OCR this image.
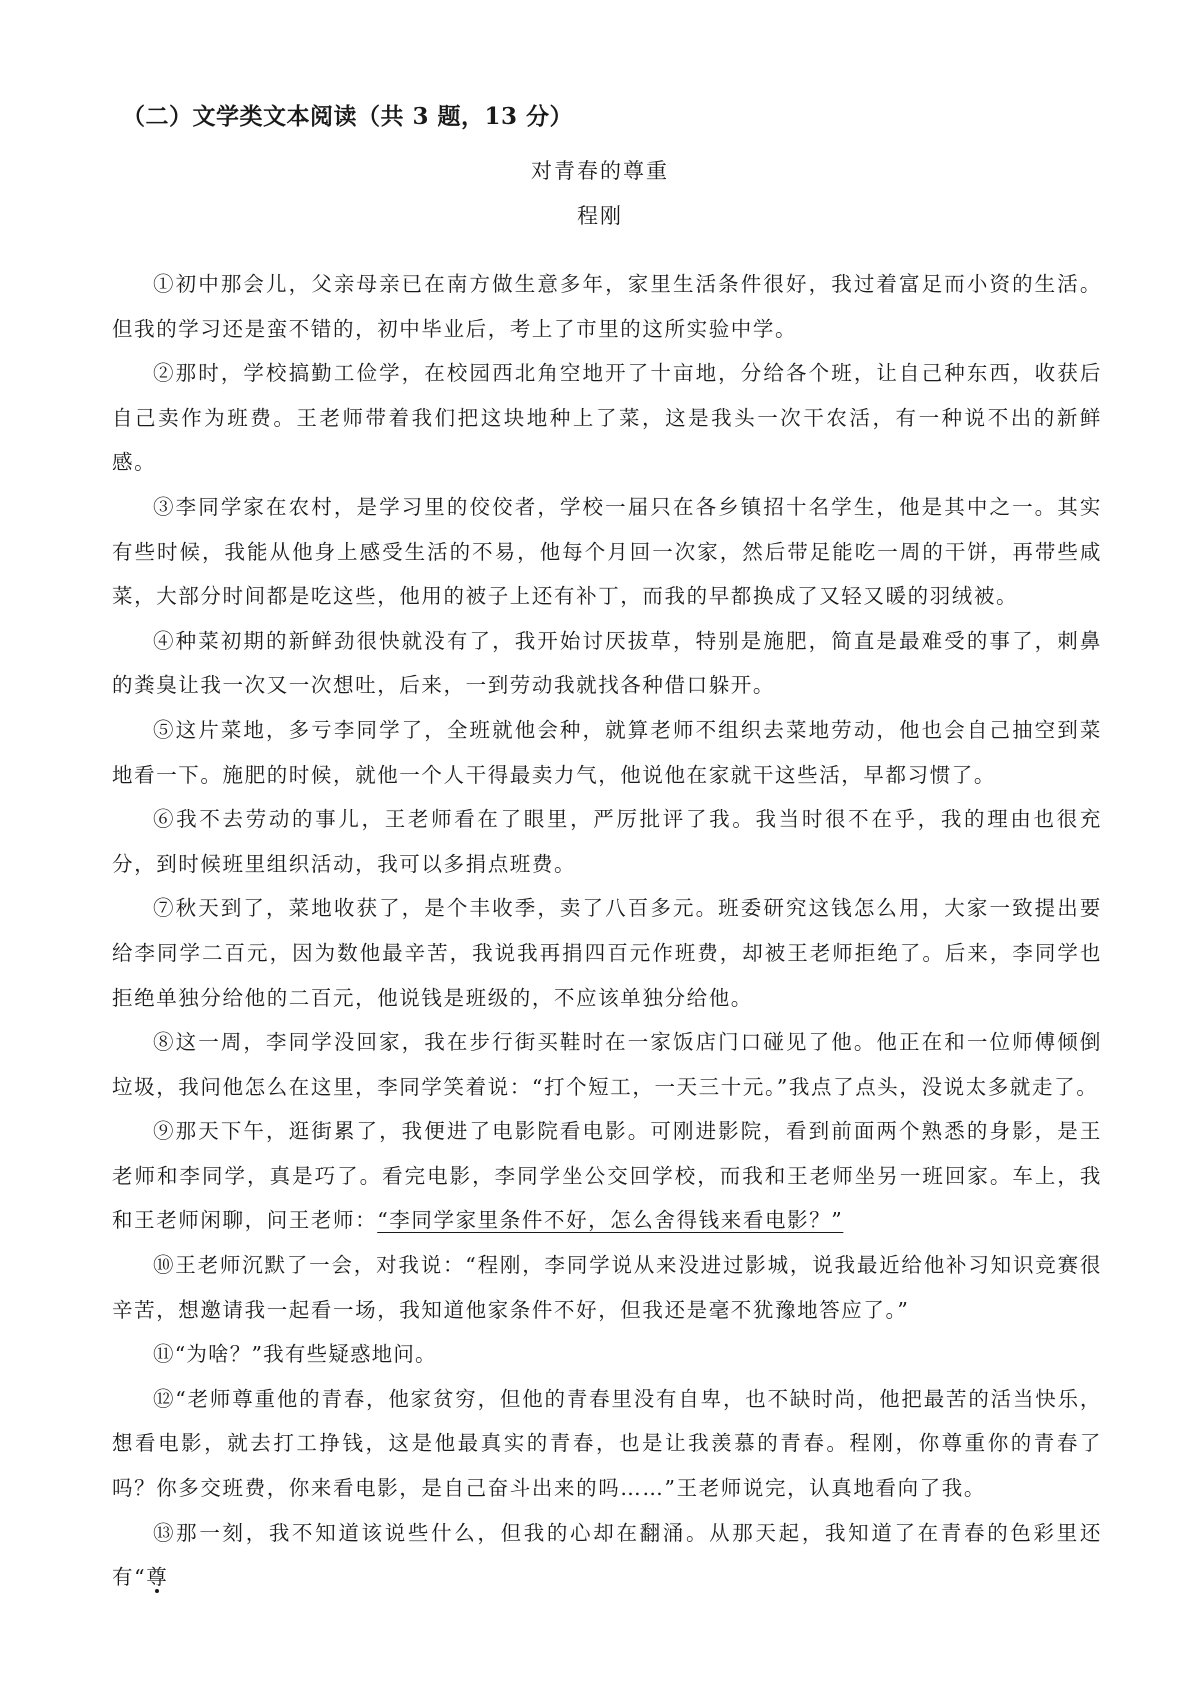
（二）文学类文本阅读（共 3 题，13 分）
对青春的尊重
程刚

①初中那会儿，父亲母亲已在南方做生意多年，家里生活条件很好，我过着富足而小资的生活。但我的学习还是蛮不错的，初中毕业后，考上了市里的这所实验中学。

②那时，学校搞勤工俭学，在校园西北角空地开了十亩地，分给各个班，让自己种东西，收获后自己卖作为班费。王老师带着我们把这块地种上了菜，这是我头一次干农活，有一种说不出的新鲜感。

③李同学家在农村，是学习里的佼佼者，学校一届只在各乡镇招十名学生，他是其中之一。其实有些时候，我能从他身上感受生活的不易，他每个月回一次家，然后带足能吃一周的干饼，再带些咸菜，大部分时间都是吃这些，他用的被子上还有补丁，而我的早都换成了又轻又暖的羽绒被。

④种菜初期的新鲜劲很快就没有了，我开始讨厌拔草，特别是施肥，简直是最难受的事了，刺鼻的粪臭让我一次又一次想吐，后来，一到劳动我就找各种借口躲开。

⑤这片菜地，多亏李同学了，全班就他会种，就算老师不组织去菜地劳动，他也会自己抽空到菜地看一下。施肥的时候，就他一个人干得最卖力气，他说他在家就干这些活，早都习惯了。

⑥我不去劳动的事儿，王老师看在了眼里，严厉批评了我。我当时很不在乎，我的理由也很充分，到时候班里组织活动，我可以多捐点班费。

⑦秋天到了，菜地收获了，是个丰收季，卖了八百多元。班委研究这钱怎么用，大家一致提出要给李同学二百元，因为数他最辛苦，我说我再捐四百元作班费，却被王老师拒绝了。后来，李同学也拒绝单独分给他的二百元，他说钱是班级的，不应该单独分给他。

⑧这一周，李同学没回家，我在步行街买鞋时在一家饭店门口碰见了他。他正在和一位师傅倾倒垃圾，我问他怎么在这里，李同学笑着说：“打个短工，一天三十元。”我点了点头，没说太多就走了。

⑨那天下午，逛街累了，我便进了电影院看电影。可刚进影院，看到前面两个熟悉的身影，是王老师和李同学，真是巧了。看完电影，李同学坐公交回学校，而我和王老师坐另一班回家。车上，我和王老师闲聊，问王老师：“李同学家里条件不好，怎么舍得钱来看电影？”

⑩王老师沉默了一会，对我说：“程刚，李同学说从来没进过影城，说我最近给他补习知识竞赛很辛苦，想邀请我一起看一场，我知道他家条件不好，但我还是毫不犹豫地答应了。”

⑪“为啥？”我有些疑惑地问。

⑫“老师尊重他的青春，他家贫穷，但他的青春里没有自卑，也不缺时尚，他把最苦的活当快乐，想看电影，就去打工挣钱，这是他最真实的青春，也是让我羡慕的青春。程刚，你尊重你的青春了吗？你多交班费，你来看电影，是自己奋斗出来的吗……”王老师说完，认真地看向了我。

⑬那一刻，我不知道该说些什么，但我的心却在翻涌。从那天起，我知道了在青春的色彩里还有“尊
